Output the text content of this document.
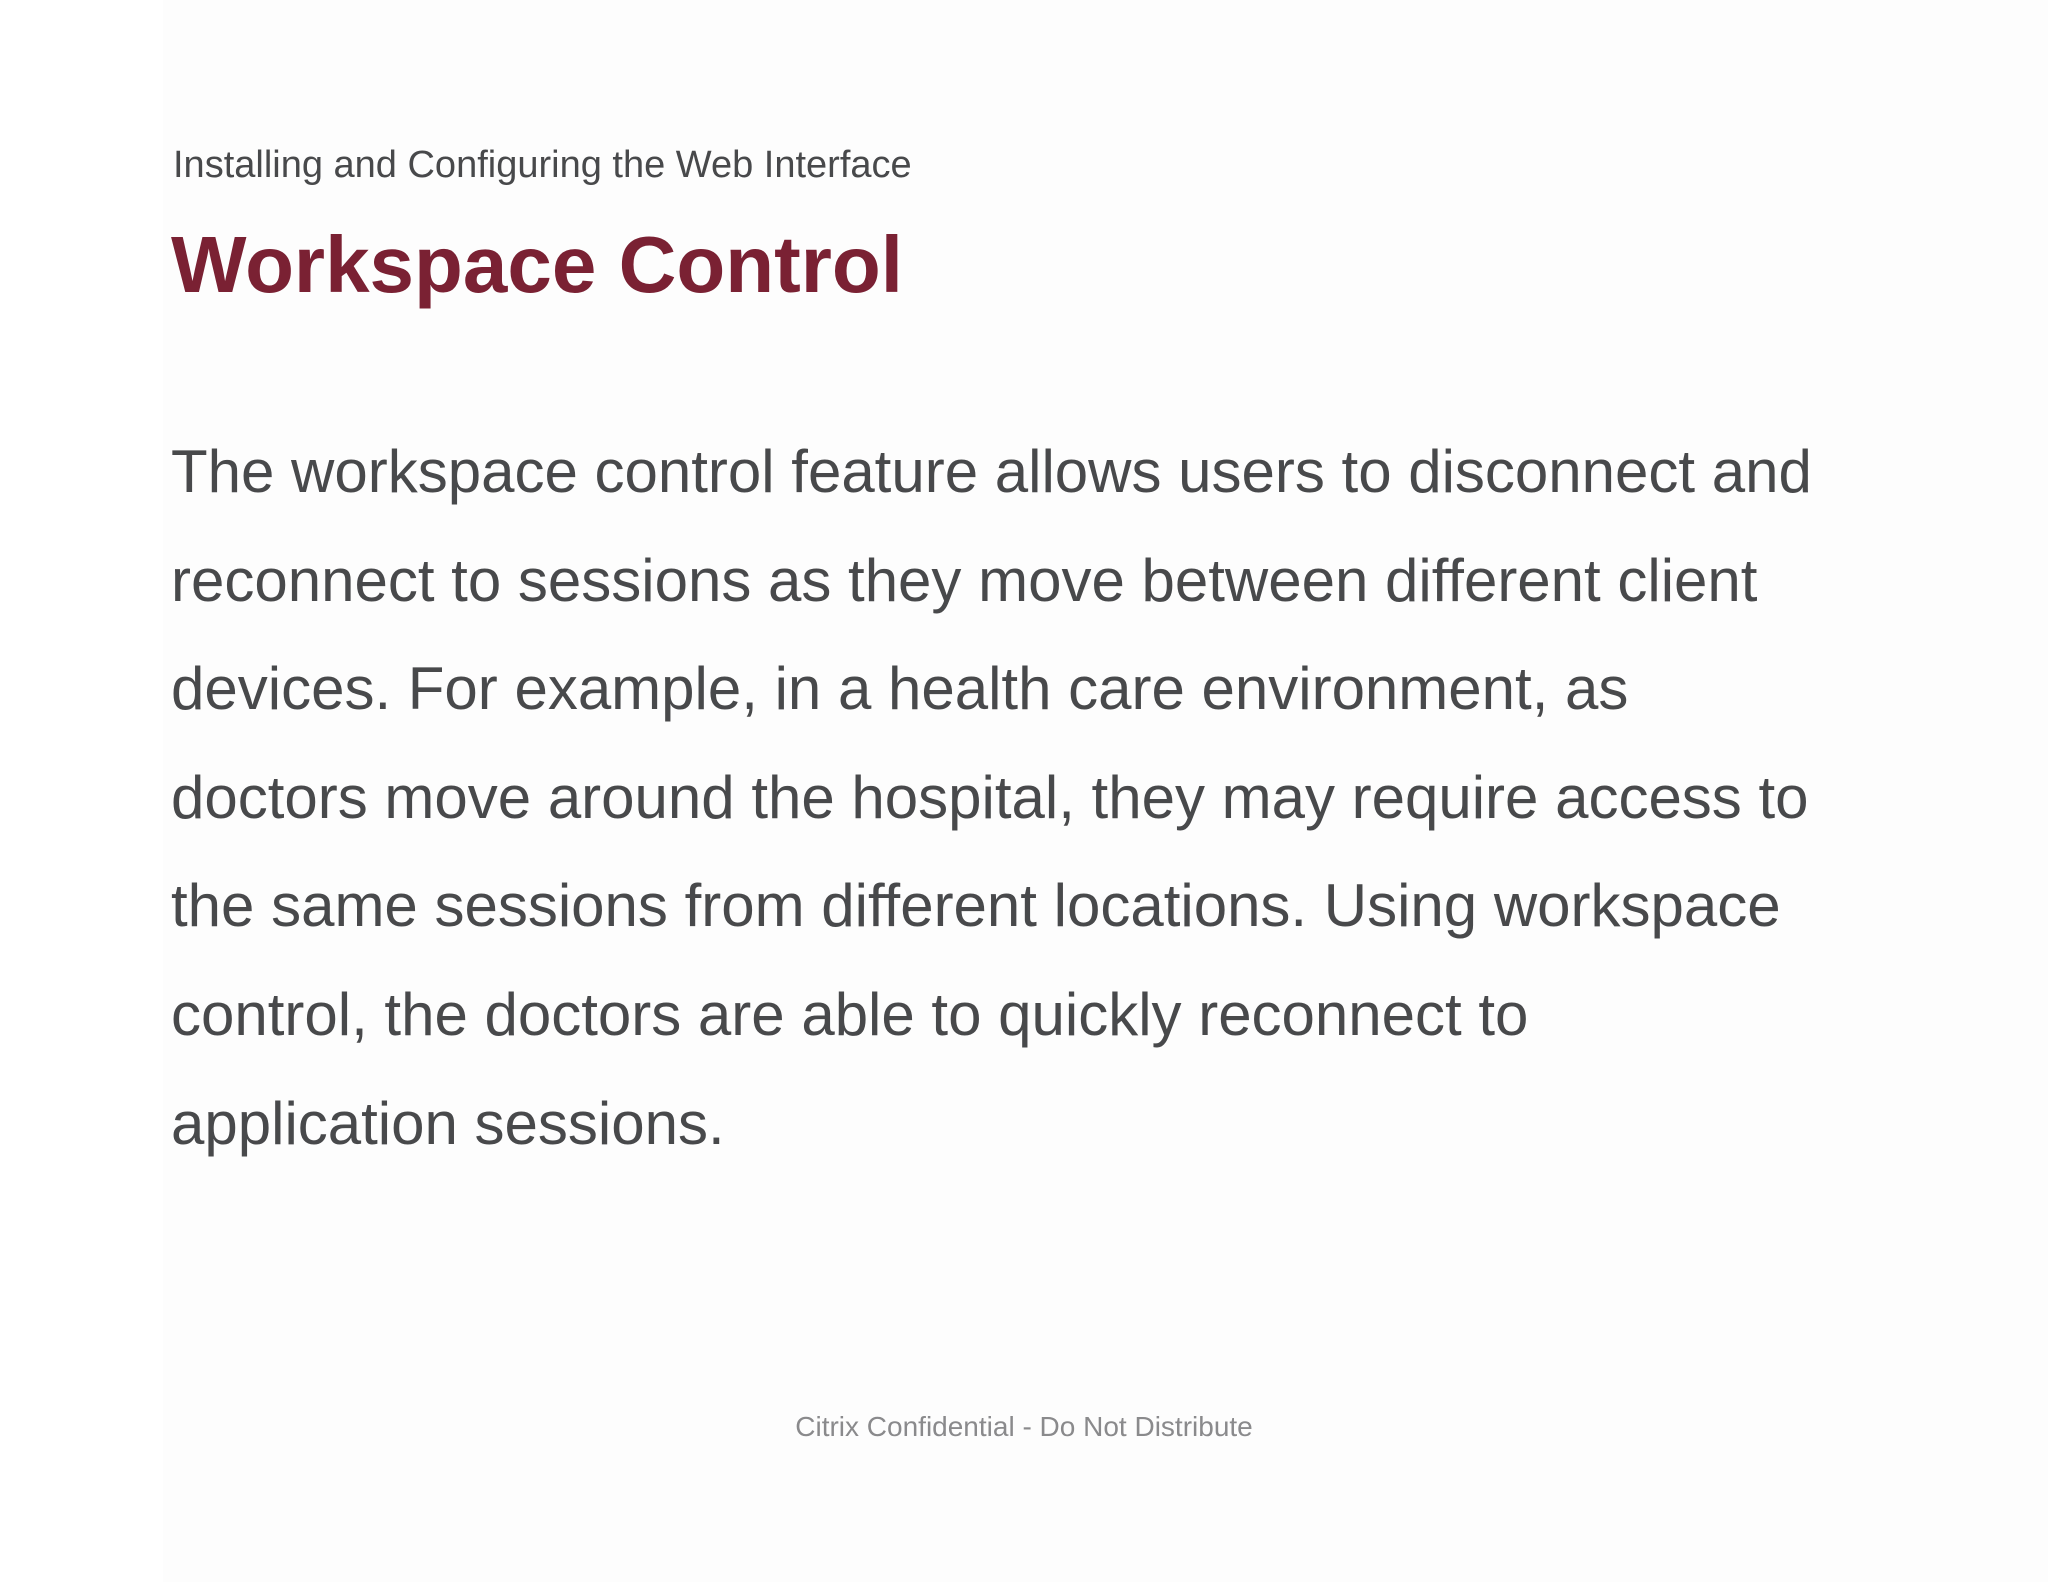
Installing and Configuring the Web Interface
Workspace Control

The workspace control feature allows users to disconnect and
reconnect to sessions as they move between different client
devices. For example, in a health care environment, as
doctors move around the hospital, they may require access to
the same sessions from different locations. Using workspace
control, the doctors are able to quickly reconnect to
application sessions.

Citrix Confidential - Do Not Distribute
